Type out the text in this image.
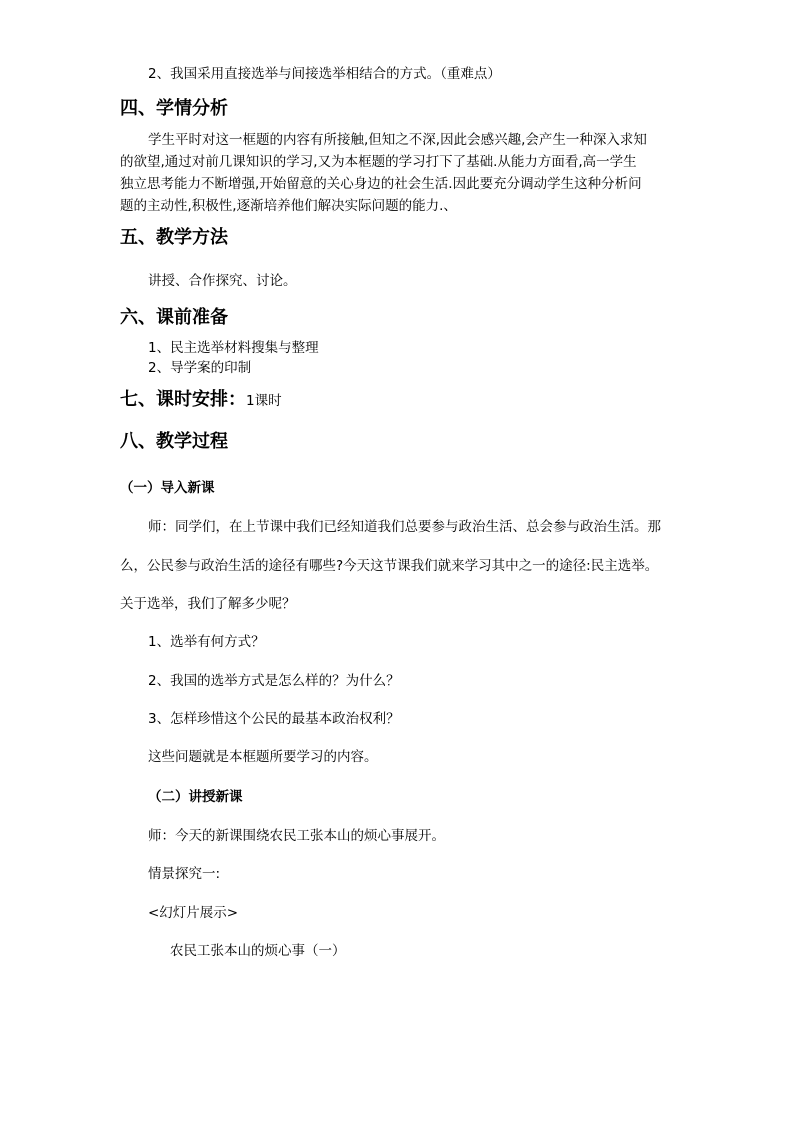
2、我国采用直接选举与间接选举相结合的方式。（重难点）
四、学情分析
学生平时对这一框题的内容有所接触,但知之不深,因此会感兴趣,会产生一种深入求知
的欲望,通过对前几课知识的学习,又为本框题的学习打下了基础.从能力方面看,高一学生
独立思考能力不断增强,开始留意的关心身边的社会生活.因此要充分调动学生这种分析问
题的主动性,积极性,逐渐培养他们解决实际问题的能力.、
五、教学方法
讲授、合作探究、讨论。
六、课前准备
1、民主选举材料搜集与整理
2、导学案的印制
七、课时安排：1课时
八、教学过程
（一）导入新课
师：同学们，在上节课中我们已经知道我们总要参与政治生活、总会参与政治生活。那
么，公民参与政治生活的途径有哪些?今天这节课我们就来学习其中之一的途径:民主选举。
关于选举，我们了解多少呢？
1、选举有何方式？
2、我国的选举方式是怎么样的？为什么？
3、怎样珍惜这个公民的最基本政治权利？
这些问题就是本框题所要学习的内容。
（二）讲授新课
师：今天的新课围绕农民工张本山的烦心事展开。
情景探究一:
<幻灯片展示>
农民工张本山的烦心事（一）
